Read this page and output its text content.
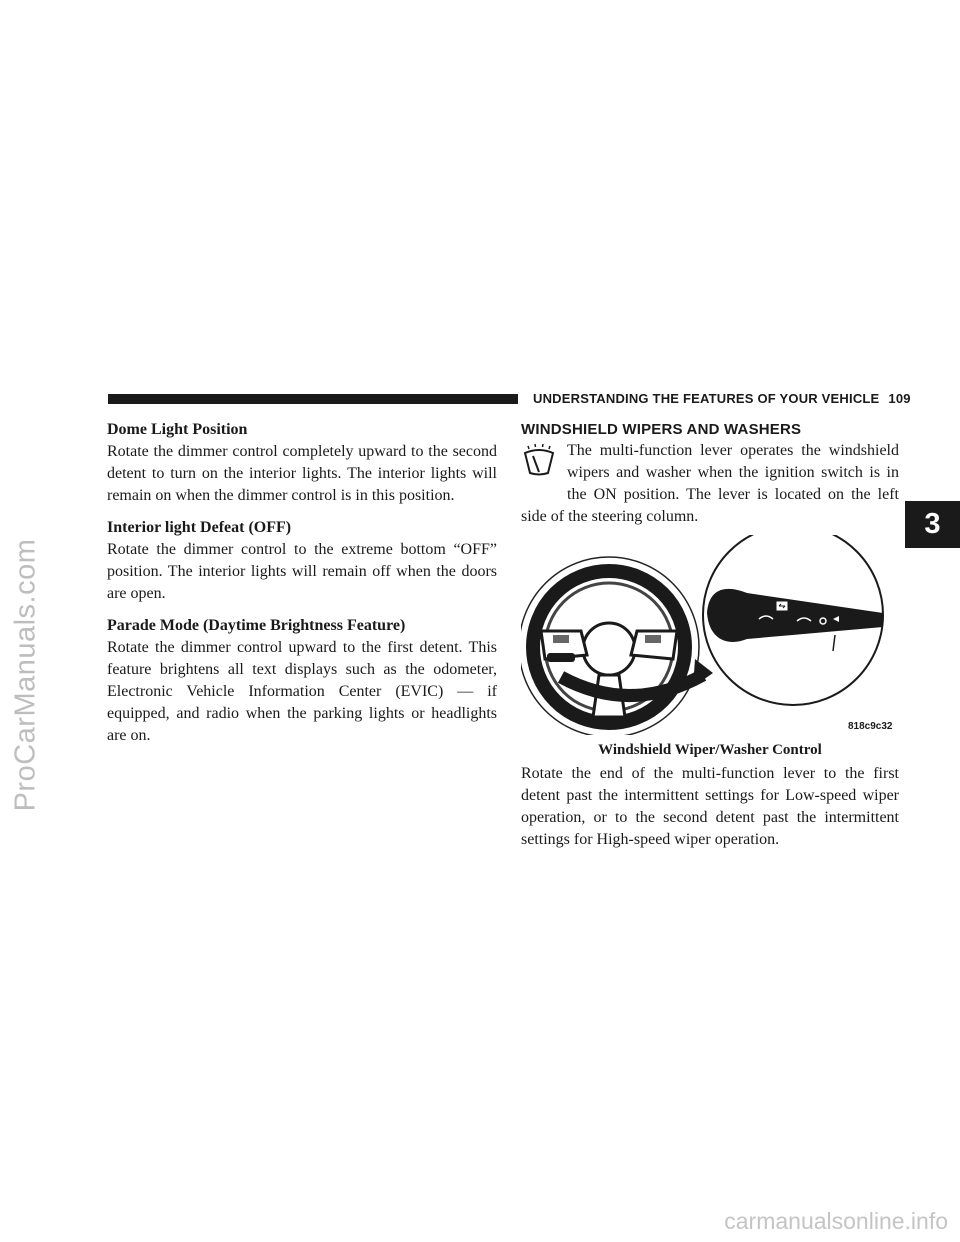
ProCarManuals.com
carmanualsonline.info
UNDERSTANDING THE FEATURES OF YOUR VEHICLE 109
3
Dome Light Position

Rotate the dimmer control completely upward to the second detent to turn on the interior lights. The interior lights will remain on when the dimmer control is in this position.

Interior light Defeat (OFF)

Rotate the dimmer control to the extreme bottom “OFF” position. The interior lights will remain off when the doors are open.

Parade Mode (Daytime Brightness Feature)

Rotate the dimmer control upward to the first detent. This feature brightens all text displays such as the odometer, Electronic Vehicle Information Center (EVIC) — if equipped, and radio when the parking lights or headlights are on.

WINDSHIELD WIPERS AND WASHERS
The multi-function lever operates the windshield wipers and washer when the ignition switch is in the ON position. The lever is located on the left side of the steering column.
818c9c32
Windshield Wiper/Washer Control

Rotate the end of the multi-function lever to the first detent past the intermittent settings for Low-speed wiper operation, or to the second detent past the intermittent settings for High-speed wiper operation.
